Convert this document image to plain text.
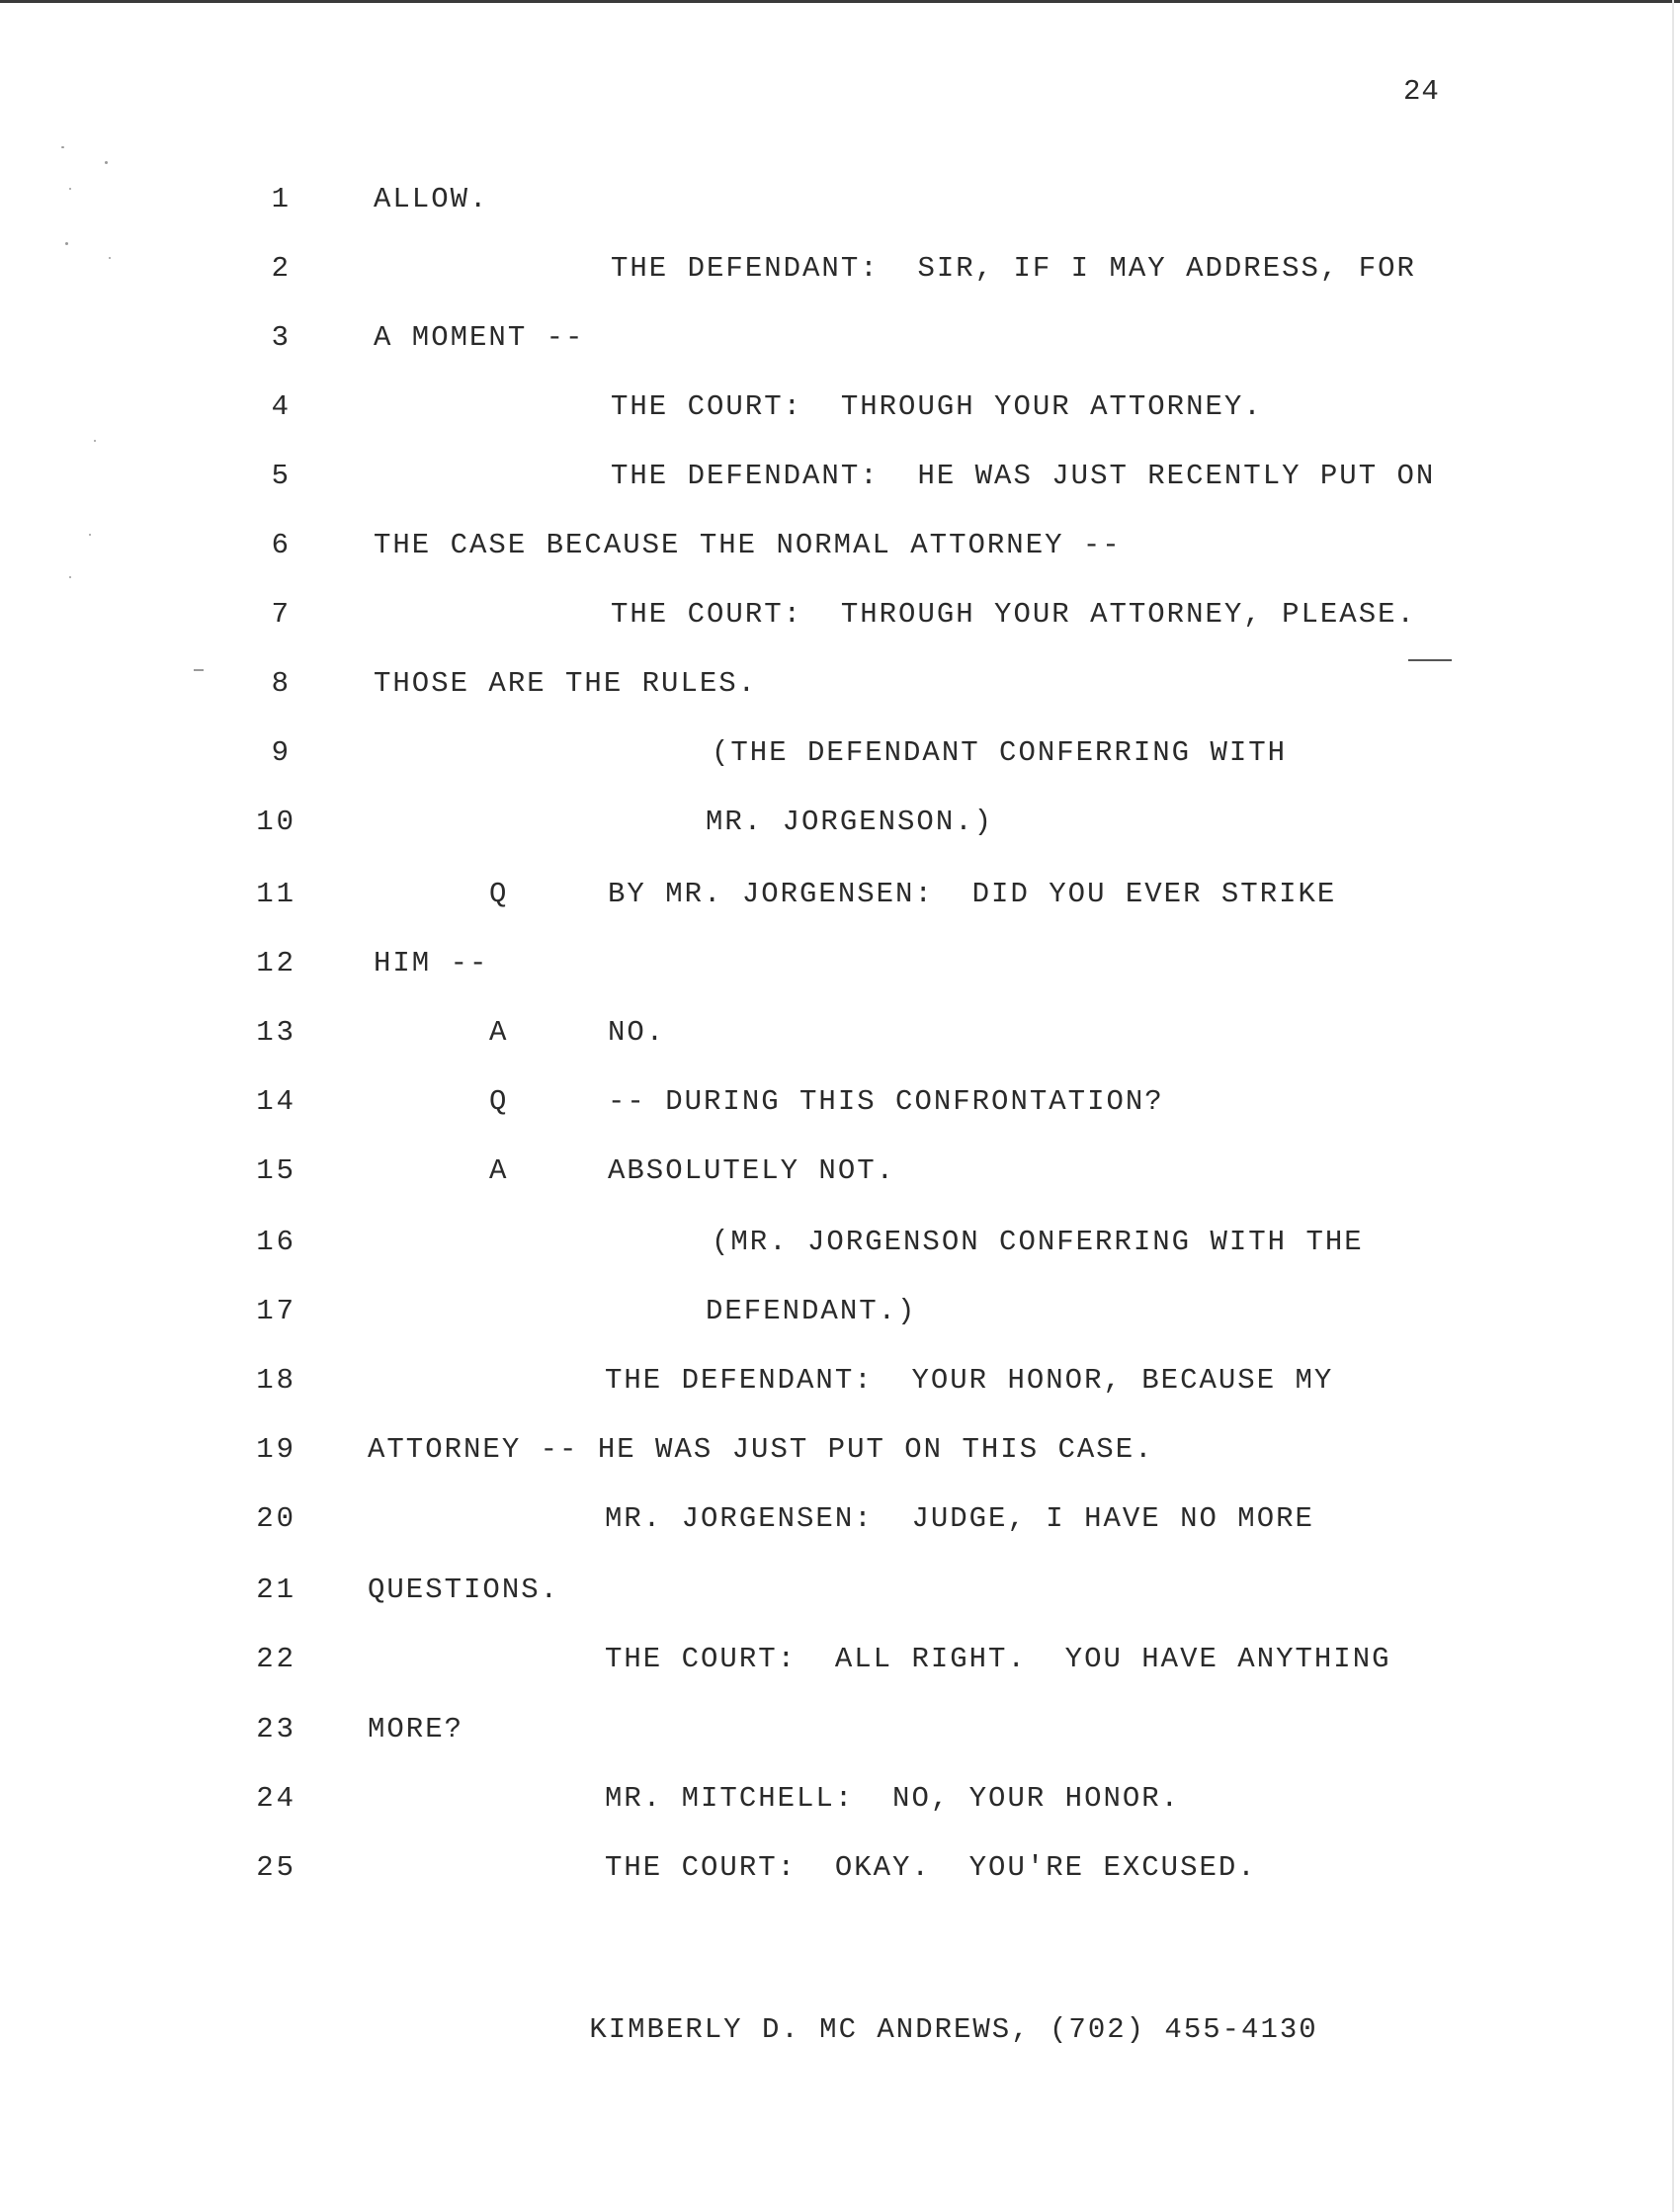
24
1	ALLOW.
2	THE DEFENDANT:  SIR, IF I MAY ADDRESS, FOR
3	A MOMENT --
4	THE COURT:  THROUGH YOUR ATTORNEY.
5	THE DEFENDANT:  HE WAS JUST RECENTLY PUT ON
6	THE CASE BECAUSE THE NORMAL ATTORNEY --
7	THE COURT:  THROUGH YOUR ATTORNEY, PLEASE.
8	THOSE ARE THE RULES.
9	(THE DEFENDANT CONFERRING WITH
10	MR. JORGENSON.)
11	Q	BY MR. JORGENSEN:  DID YOU EVER STRIKE
12	HIM --
13	A	NO.
14	Q	-- DURING THIS CONFRONTATION?
15	A	ABSOLUTELY NOT.
16	(MR. JORGENSON CONFERRING WITH THE
17	DEFENDANT.)
18	THE DEFENDANT:  YOUR HONOR, BECAUSE MY
19 ATTORNEY -- HE WAS JUST PUT ON THIS CASE.
20	MR. JORGENSEN:  JUDGE, I HAVE NO MORE
21 QUESTIONS.
22	THE COURT:  ALL RIGHT.  YOU HAVE ANYTHING
23 MORE?
24	MR. MITCHELL:  NO, YOUR HONOR.
25	THE COURT:  OKAY.  YOU'RE EXCUSED.
KIMBERLY D. MC ANDREWS, (702) 455-4130
